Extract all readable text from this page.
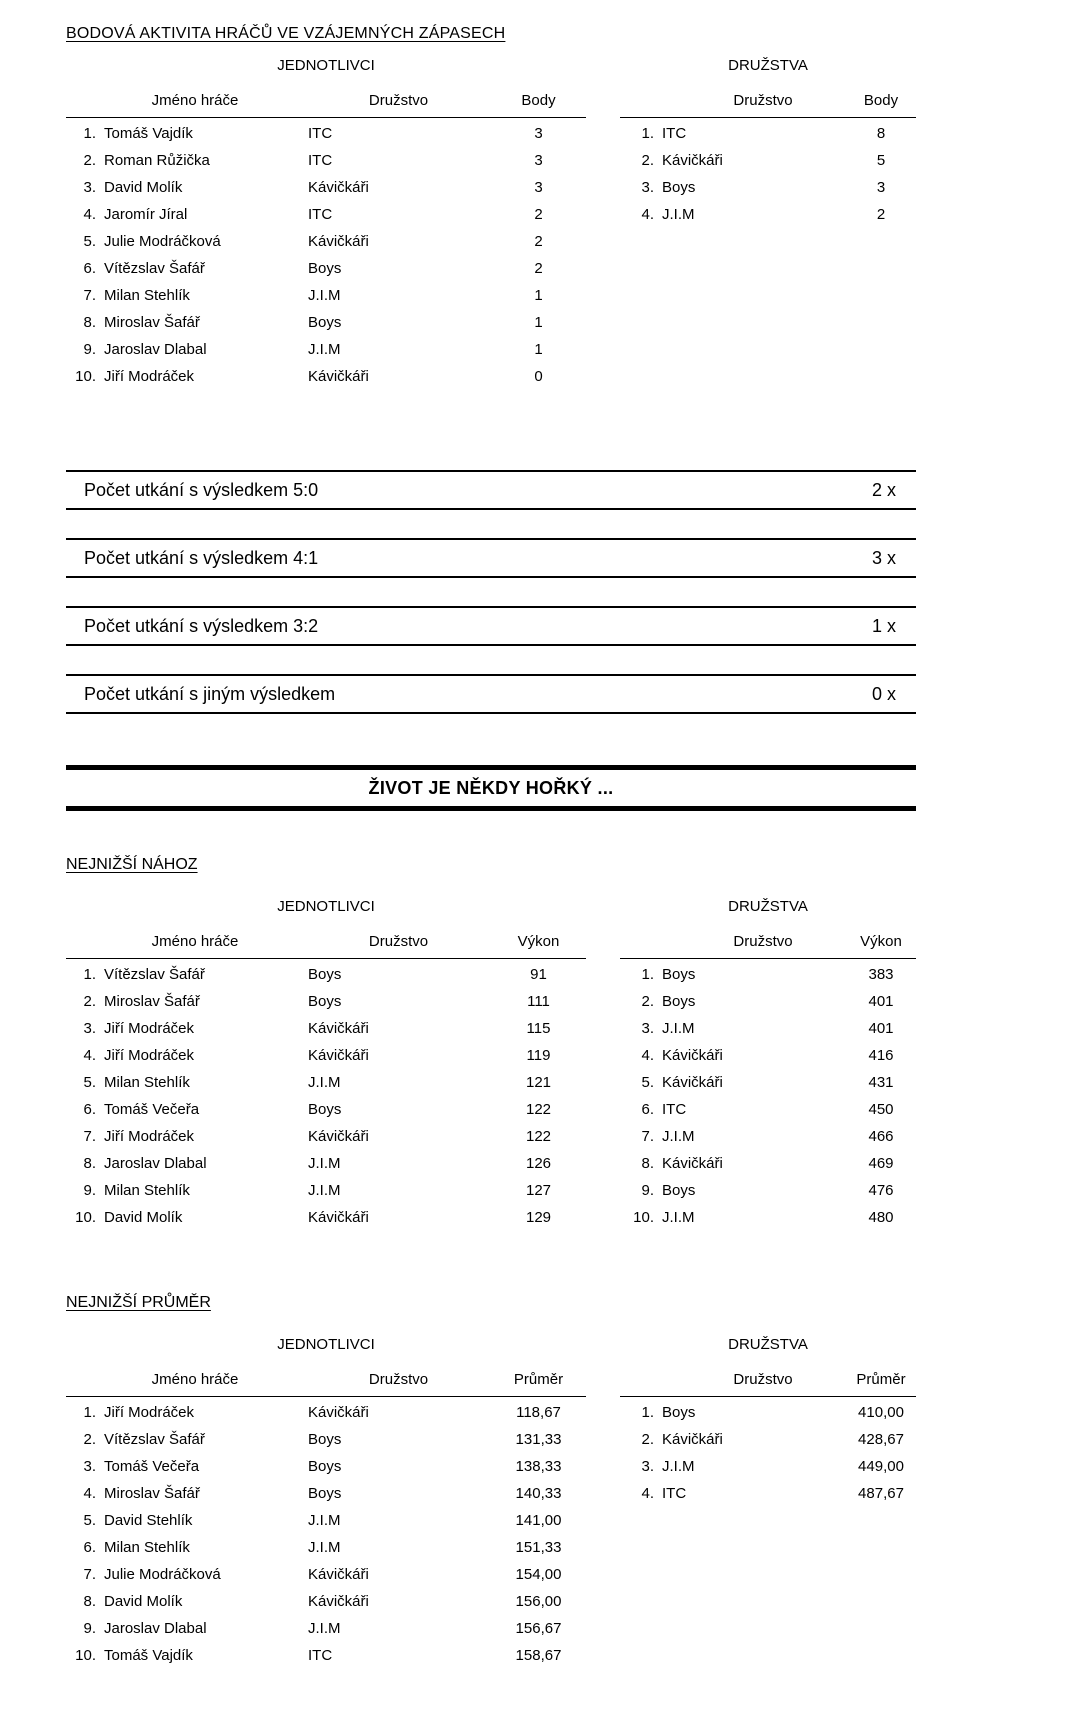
BODOVÁ AKTIVITA HRÁČŮ VE VZÁJEMNÝCH ZÁPASECH
JEDNOTLIVCI
Jméno hráče	Družstvo	Body
1. Tomáš Vajdík	ITC	3
2. Roman Růžička	ITC	3
3. David Molík	Kávičkáři	3
4. Jaromír Jíral	ITC	2
5. Julie Modráčková	Kávičkáři	2
6. Vítězslav Šafář	Boys	2
7. Milan Stehlík	J.I.M	1
8. Miroslav Šafář	Boys	1
9. Jaroslav Dlabal	J.I.M	1
10. Jiří Modráček	Kávičkáři	0
DRUŽSTVA
Družstvo	Body
1. ITC	8
2. Kávičkáři	5
3. Boys	3
4. J.I.M	2
Počet utkání s výsledkem 5:0	2 x
Počet utkání s výsledkem 4:1	3 x
Počet utkání s výsledkem 3:2	1 x
Počet utkání s jiným výsledkem	0 x
ŽIVOT JE NĚKDY HOŘKÝ ...
NEJNIŽŠÍ NÁHOZ
JEDNOTLIVCI
Jméno hráče	Družstvo	Výkon
1. Vítězslav Šafář	Boys	91
2. Miroslav Šafář	Boys	111
3. Jiří Modráček	Kávičkáři	115
4. Jiří Modráček	Kávičkáři	119
5. Milan Stehlík	J.I.M	121
6. Tomáš Večeřa	Boys	122
7. Jiří Modráček	Kávičkáři	122
8. Jaroslav Dlabal	J.I.M	126
9. Milan Stehlík	J.I.M	127
10. David Molík	Kávičkáři	129
DRUŽSTVA
Družstvo	Výkon
1. Boys	383
2. Boys	401
3. J.I.M	401
4. Kávičkáři	416
5. Kávičkáři	431
6. ITC	450
7. J.I.M	466
8. Kávičkáři	469
9. Boys	476
10. J.I.M	480
NEJNIŽŠÍ PRŮMĚR
JEDNOTLIVCI
Jméno hráče	Družstvo	Průměr
1. Jiří Modráček	Kávičkáři	118,67
2. Vítězslav Šafář	Boys	131,33
3. Tomáš Večeřa	Boys	138,33
4. Miroslav Šafář	Boys	140,33
5. David Stehlík	J.I.M	141,00
6. Milan Stehlík	J.I.M	151,33
7. Julie Modráčková	Kávičkáři	154,00
8. David Molík	Kávičkáři	156,00
9. Jaroslav Dlabal	J.I.M	156,67
10. Tomáš Vajdík	ITC	158,67
DRUŽSTVA
Družstvo	Průměr
1. Boys	410,00
2. Kávičkáři	428,67
3. J.I.M	449,00
4. ITC	487,67
